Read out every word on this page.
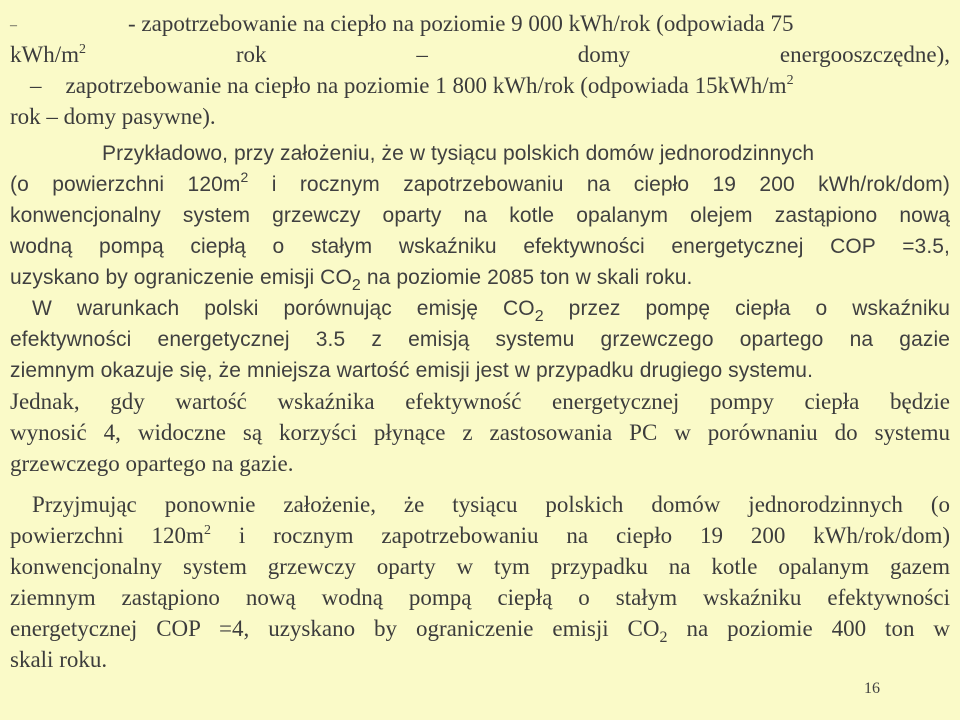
–	- zapotrzebowanie na ciepło na poziomie 9 000 kWh/rok (odpowiada 75
kWh/$m^2$ rok – domy energooszczędne),
– zapotrzebowanie na ciepło na poziomie 1 800 kWh/rok (odpowiada $15kWh/m^2$
rok – domy pasywne).
Przykładowo, przy założeniu, że w tysiącu polskich domów jednorodzinnych
(o powierzchni $120m^2$ i rocznym zapotrzebowaniu na ciepło 19 200 kWh/rok/dom)
konwencjonalny system grzewczy oparty na kotle opalanym olejem zastąpiono nową
wodną pompą ciepłą o stałym wskaźniku efektywności energetycznej COP =3.5,
uzyskano by ograniczenie emisji $CO_2$ na poziomie 2085 ton w skali roku.
W warunkach polski porównując emisję $CO_2$ przez pompę ciepła o wskaźniku
efektywności energetycznej 3.5 z emisją systemu grzewczego opartego na gazie
ziemnym okazuje się, że mniejsza wartość emisji jest w przypadku drugiego systemu.
Jednak, gdy wartość wskaźnika efektywność energetycznej pompy ciepła będzie
wynosić 4, widoczne są korzyści płynące z zastosowania PC w porównaniu do systemu
grzewczego opartego na gazie.
Przyjmując ponownie założenie, że tysiącu polskich domów jednorodzinnych (o
powierzchni $120m^2$ i rocznym zapotrzebowaniu na ciepło 19 200 kWh/rok/dom)
konwencjonalny system grzewczy oparty w tym przypadku na kotle opalanym gazem
ziemnym zastąpiono nową wodną pompą ciepłą o stałym wskaźniku efektywności
energetycznej COP =4, uzyskano by ograniczenie emisji $CO_2$ na poziomie 400 ton w
skali roku.
16
